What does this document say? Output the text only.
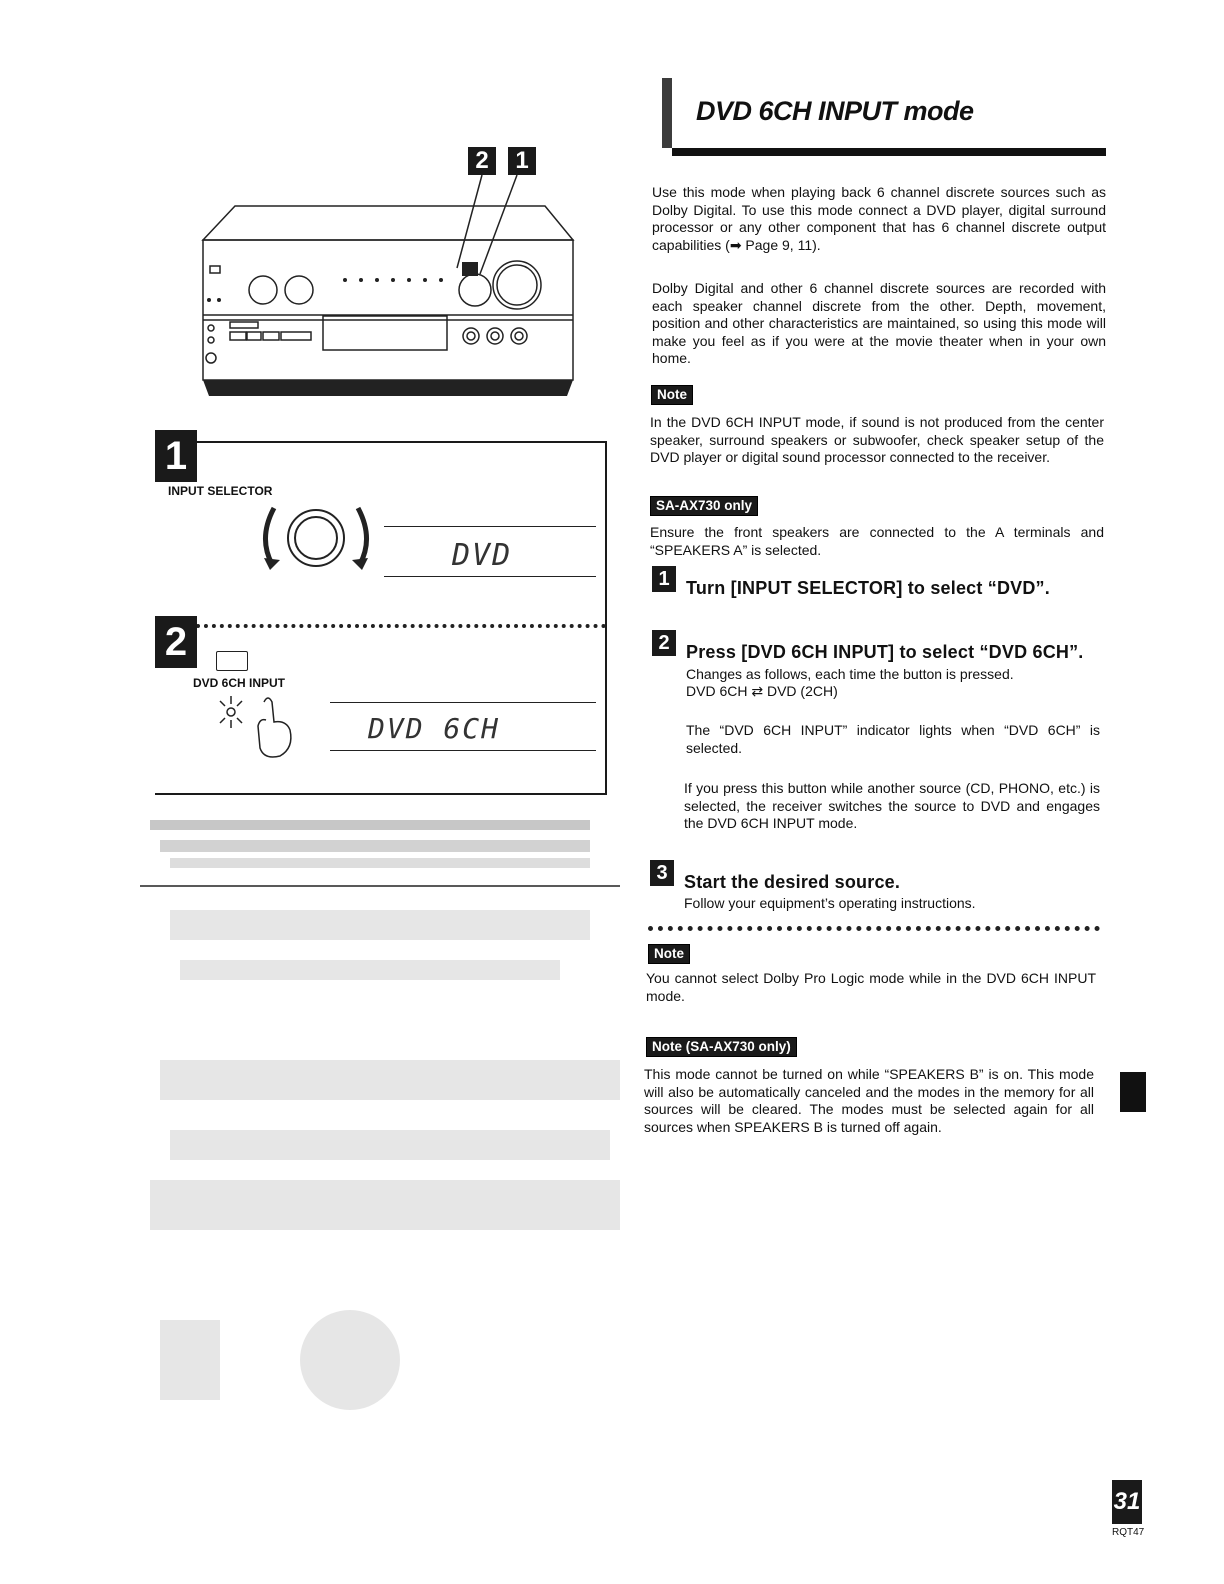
DVD 6CH INPUT mode
Use this mode when playing back 6 channel discrete sources such as Dolby Digital. To use this mode connect a DVD player, digital surround processor or any other component that has 6 channel discrete output capabilities (➡ Page 9, 11).
Dolby Digital and other 6 channel discrete sources are recorded with each speaker channel discrete from the other. Depth, movement, position and other characteristics are maintained, so using this mode will make you feel as if you were at the movie theater when in your own home.
Note
In the DVD 6CH INPUT mode, if sound is not produced from the center speaker, surround speakers or subwoofer, check speaker setup of the DVD player or digital sound processor connected to the receiver.
SA-AX730 only
Ensure the front speakers are connected to the A terminals and “SPEAKERS A” is selected.
1 Turn [INPUT SELECTOR] to select “DVD”.
2 Press [DVD 6CH INPUT] to select “DVD 6CH”.
Changes as follows, each time the button is pressed.
DVD 6CH ⇄ DVD (2CH)
The “DVD 6CH INPUT” indicator lights when “DVD 6CH” is selected.
If you press this button while another source (CD, PHONO, etc.) is selected, the receiver switches the source to DVD and engages the DVD 6CH INPUT mode.
3 Start the desired source.
Follow your equipment’s operating instructions.
Note
You cannot select Dolby Pro Logic mode while in the DVD 6CH INPUT mode.
Note (SA-AX730 only)
This mode cannot be turned on while “SPEAKERS B” is on. This mode will also be automatically canceled and the modes in the memory for all sources will be cleared. The modes must be selected again for all sources when SPEAKERS B is turned off again.
31
RQT47
2	1
1
INPUT SELECTOR
DVD
2
DVD 6CH INPUT
DVD 6CH
